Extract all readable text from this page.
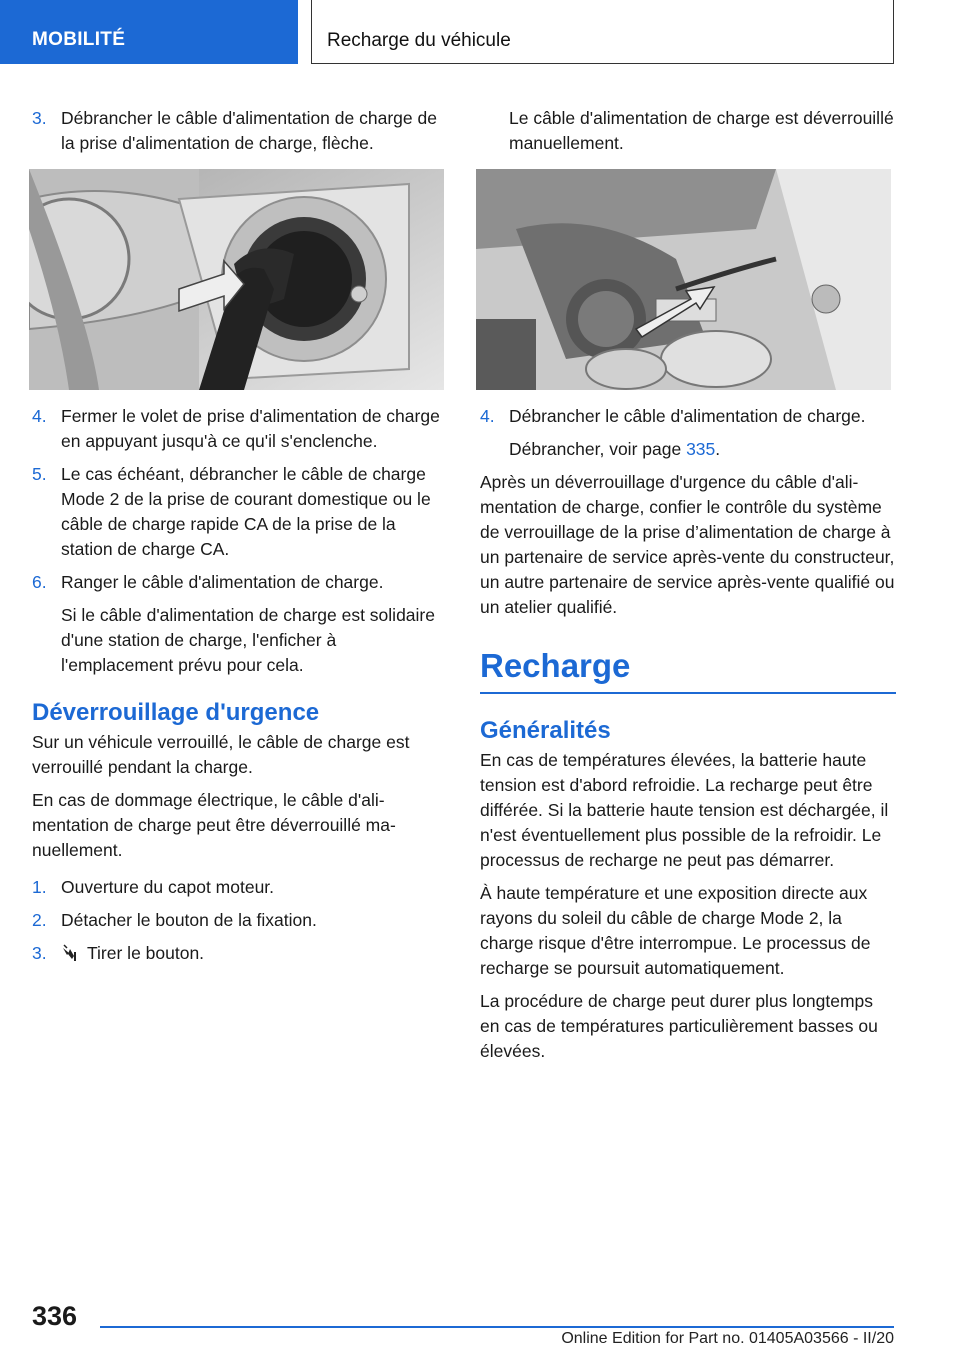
MOBILITÉ	Recharge du véhicule
3. Débrancher le câble d'alimentation de charge de la prise d'alimentation de charge, flèche.
4. Fermer le volet de prise d'alimentation de charge en appuyant jusqu'à ce qu'il s'enclenche.
5. Le cas échéant, débrancher le câble de charge Mode 2 de la prise de courant domestique ou le câble de charge rapide CA de la prise de la station de charge CA.
6. Ranger le câble d'alimentation de charge.

Si le câble d'alimentation de charge est solidaire d'une station de charge, l'enficher à l'emplacement prévu pour cela.

Déverrouillage d'urgence

Sur un véhicule verrouillé, le câble de charge est verrouillé pendant la charge.

En cas de dommage électrique, le câble d'alimentation de charge peut être déverrouillé manuellement.

1. Ouverture du capot moteur.
2. Détacher le bouton de la fixation.
3. Tirer le bouton.

Le câble d'alimentation de charge est déverrouillé manuellement.

4. Débrancher le câble d'alimentation de charge.

Débrancher, voir page 335.

Après un déverrouillage d'urgence du câble d'alimentation de charge, confier le contrôle du système de verrouillage de la prise d’alimentation de charge à un partenaire de service après-vente du constructeur, un autre partenaire de service après-vente qualifié ou un atelier qualifié.

Recharge
Généralités

En cas de températures élevées, la batterie haute tension est d'abord refroidie. La recharge peut être différée. Si la batterie haute tension est déchargée, il n'est éventuellement plus possible de la refroidir. Le processus de recharge ne peut pas démarrer.

À haute température et une exposition directe aux rayons du soleil du câble de charge Mode 2, la charge risque d'être interrompue. Le processus de recharge se poursuit automatiquement.

La procédure de charge peut durer plus longtemps en cas de températures particulièrement basses ou élevées.

336
Online Edition for Part no. 01405A03566 - II/20
